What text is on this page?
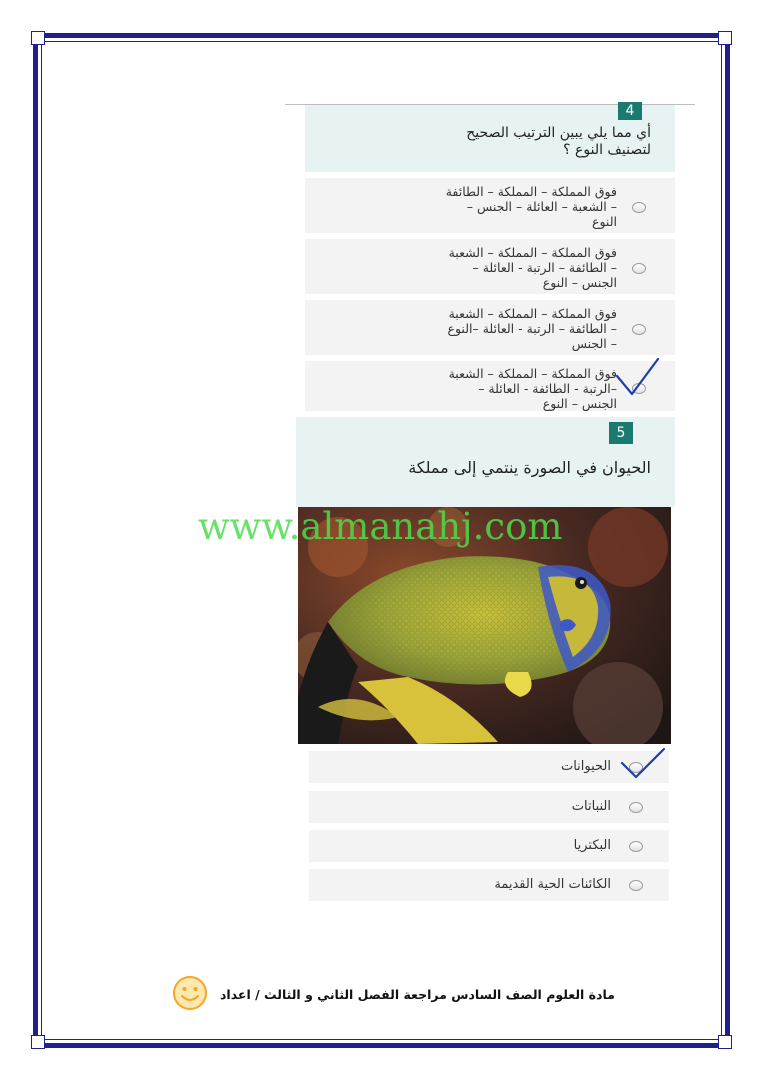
4
أي مما يلي يبين الترتيب الصحيح
لتصنيف النوع ؟
فوق المملكة – المملكة – الطائفة
– الشعبة – العائلة – الجنس –
النوع
فوق المملكة – المملكة – الشعبة
– الطائفة – الرتبة - العائلة –
الجنس – النوع
فوق المملكة – المملكة – الشعبة
– الطائفة – الرتبة - العائلة –النوع
– الجنس
فوق المملكة – المملكة – الشعبة
–الرتبة - الطائفة - العائلة –
الجنس – النوع
5
الحيوان في الصورة ينتمي إلى مملكة
www.almanahj.com
الحيوانات
النباتات
البكتريا
الكائنات الحية القديمة
مادة العلوم الصف السادس مراجعة الفصل الثاني و الثالث / اعداد
